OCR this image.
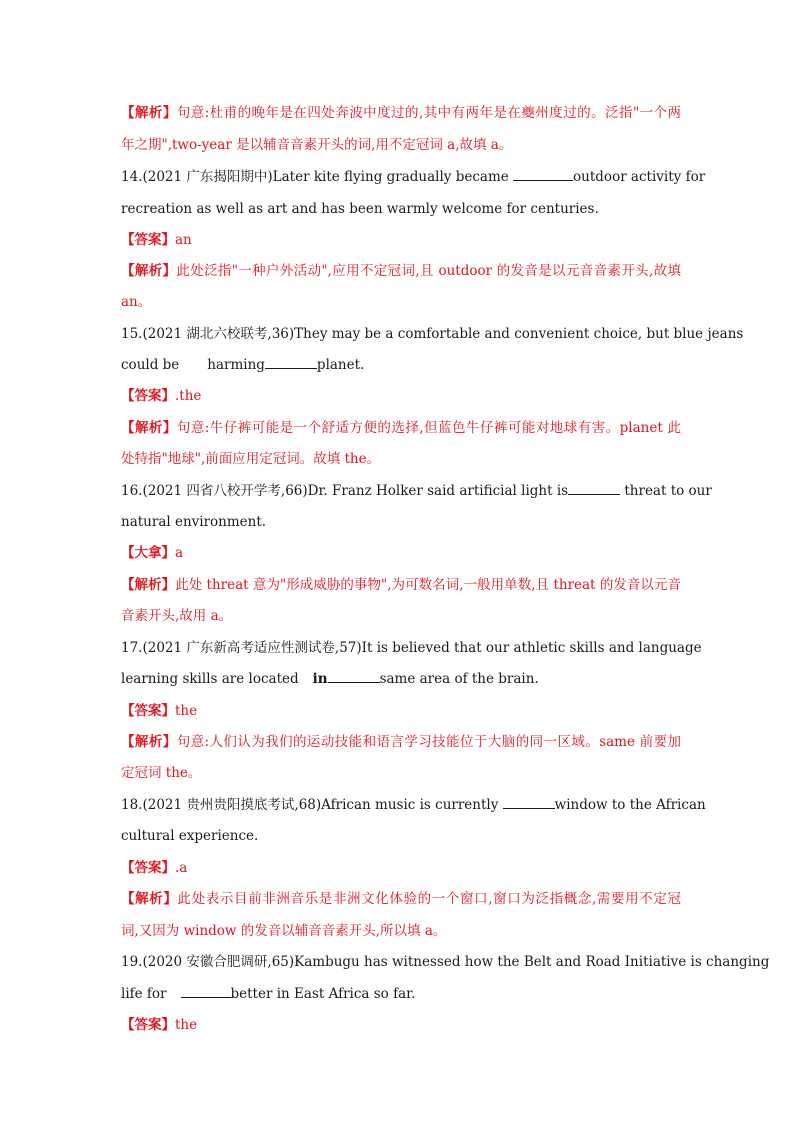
【解析】句意:杜甫的晚年是在四处奔波中度过的,其中有两年是在夔州度过的。泛指"一个两
年之期",two-year 是以辅音音素开头的词,用不定冠词 a,故填 a。
14.(2021 广东揭阳期中)Later kite flying gradually became	outdoor activity for
recreation as well as art and has been warmly welcome for centuries.
【答案】an
【解析】此处泛指"一种户外活动",应用不定冠词,且 outdoor 的发音是以元音音素开头,故填
an。
15.(2021 湖北六校联考,36)They may be a comfortable and convenient choice, but blue jeans
could be harming	planet.
【答案】.the
【解析】句意:牛仔裤可能是一个舒适方便的选择,但蓝色牛仔裤可能对地球有害。planet 此
处特指"地球",前面应用定冠词。故填 the。
16.(2021 四省八校开学考,66)Dr. Franz Holker said artificial light is	threat to our
natural environment.
【大拿】a
【解析】此处 threat 意为"形成威胁的事物",为可数名词,一般用单数,且 threat 的发音以元音
音素开头,故用 a。
17.(2021 广东新高考适应性测试卷,57)It is believed that our athletic skills and language
learning skills are located in	same area of the brain.
【答案】the
【解析】句意:人们认为我们的运动技能和语言学习技能位于大脑的同一区域。same 前要加
定冠词 the。
18.(2021 贵州贵阳摸底考试,68)African music is currently	window to the African
cultural experience.
【答案】.a
【解析】此处表示目前非洲音乐是非洲文化体验的一个窗口,窗口为泛指概念,需要用不定冠
词,又因为 window 的发音以辅音音素开头,所以填 a。
19.(2020 安徽合肥调研,65)Kambugu has witnessed how the Belt and Road Initiative is changing
life for	better in East Africa so far.
【答案】the
